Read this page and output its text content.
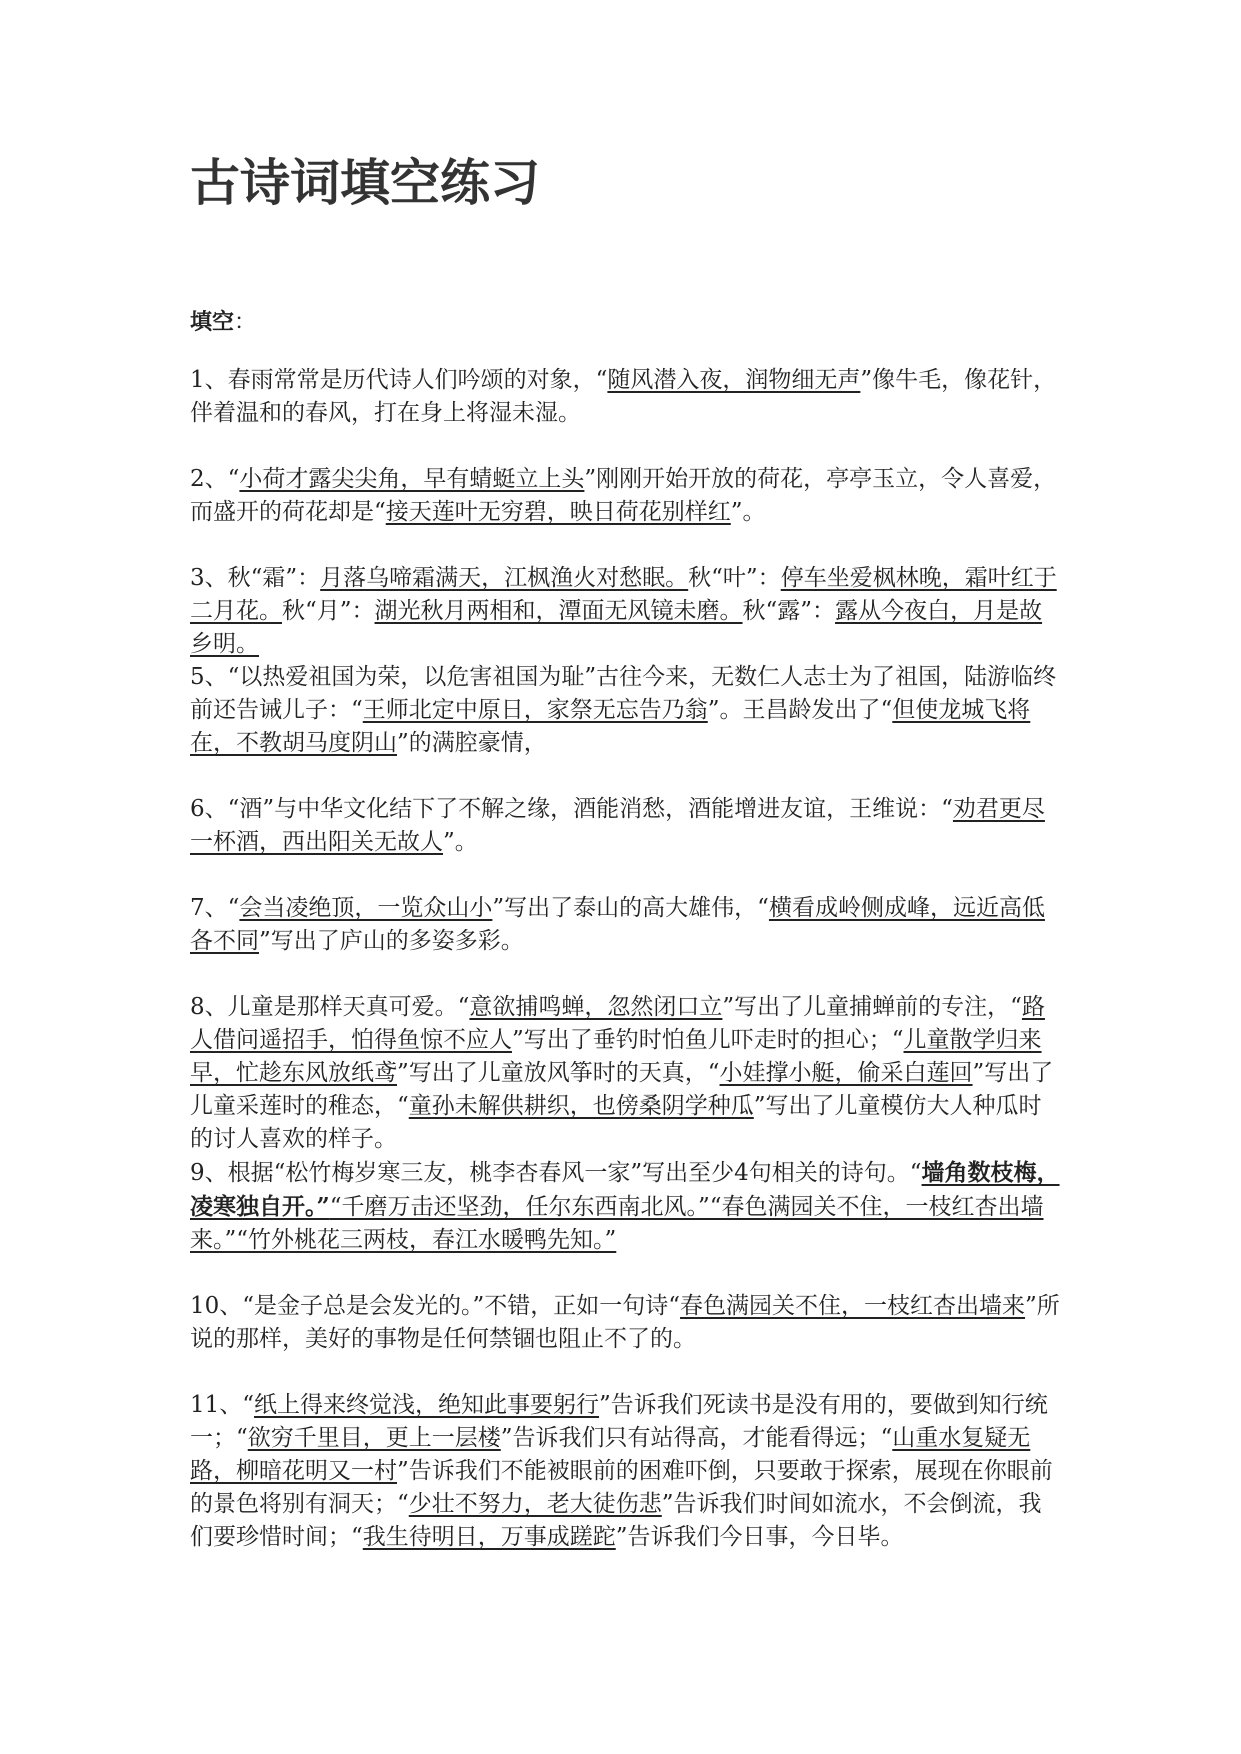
古诗词填空练习
填空：

1、春雨常常是历代诗人们吟颂的对象，“随风潜入夜，润物细无声”像牛毛，像花针，伴着温和的春风，打在身上将湿未湿。

2、“小荷才露尖尖角，早有蜻蜓立上头”刚刚开始开放的荷花，亭亭玉立，令人喜爱，而盛开的荷花却是“接天莲叶无穷碧，映日荷花别样红”。

3、秋“霜”：月落乌啼霜满天，江枫渔火对愁眠。秋“叶”：停车坐爱枫林晚，霜叶红于二月花。秋“月”：湖光秋月两相和，潭面无风镜未磨。秋“露”：露从今夜白，月是故乡明。

5、“以热爱祖国为荣，以危害祖国为耻”古往今来，无数仁人志士为了祖国，陆游临终前还告诫儿子：“王师北定中原日，家祭无忘告乃翁”。王昌龄发出了“但使龙城飞将在，不教胡马度阴山”的满腔豪情，

6、“酒”与中华文化结下了不解之缘，酒能消愁，酒能增进友谊，王维说：“劝君更尽一杯酒，西出阳关无故人”。

7、“会当凌绝顶，一览众山小”写出了泰山的高大雄伟，“横看成岭侧成峰，远近高低各不同”写出了庐山的多姿多彩。

8、儿童是那样天真可爱。“意欲捕鸣蝉，忽然闭口立”写出了儿童捕蝉前的专注，“路人借问遥招手，怕得鱼惊不应人”写出了垂钓时怕鱼儿吓走时的担心；“儿童散学归来早，忙趁东风放纸鸢”写出了儿童放风筝时的天真，“小娃撑小艇，偷采白莲回”写出了儿童采莲时的稚态，“童孙未解供耕织，也傍桑阴学种瓜”写出了儿童模仿大人种瓜时的讨人喜欢的样子。

9、根据“松竹梅岁寒三友，桃李杏春风一家”写出至少4句相关的诗句。“墙角数枝梅，凌寒独自开。”“千磨万击还坚劲，任尔东西南北风。”“春色满园关不住，一枝红杏出墙来。”“竹外桃花三两枝，春江水暖鸭先知。”

10、“是金子总是会发光的。”不错，正如一句诗“春色满园关不住，一枝红杏出墙来”所说的那样，美好的事物是任何禁锢也阻止不了的。

11、“纸上得来终觉浅，绝知此事要躬行”告诉我们死读书是没有用的，要做到知行统一；“欲穷千里目，更上一层楼”告诉我们只有站得高，才能看得远；“山重水复疑无路，柳暗花明又一村”告诉我们不能被眼前的困难吓倒，只要敢于探索，展现在你眼前的景色将别有洞天；“少壮不努力，老大徒伤悲”告诉我们时间如流水，不会倒流，我们要珍惜时间；“我生待明日，万事成蹉跎”告诉我们今日事，今日毕。
